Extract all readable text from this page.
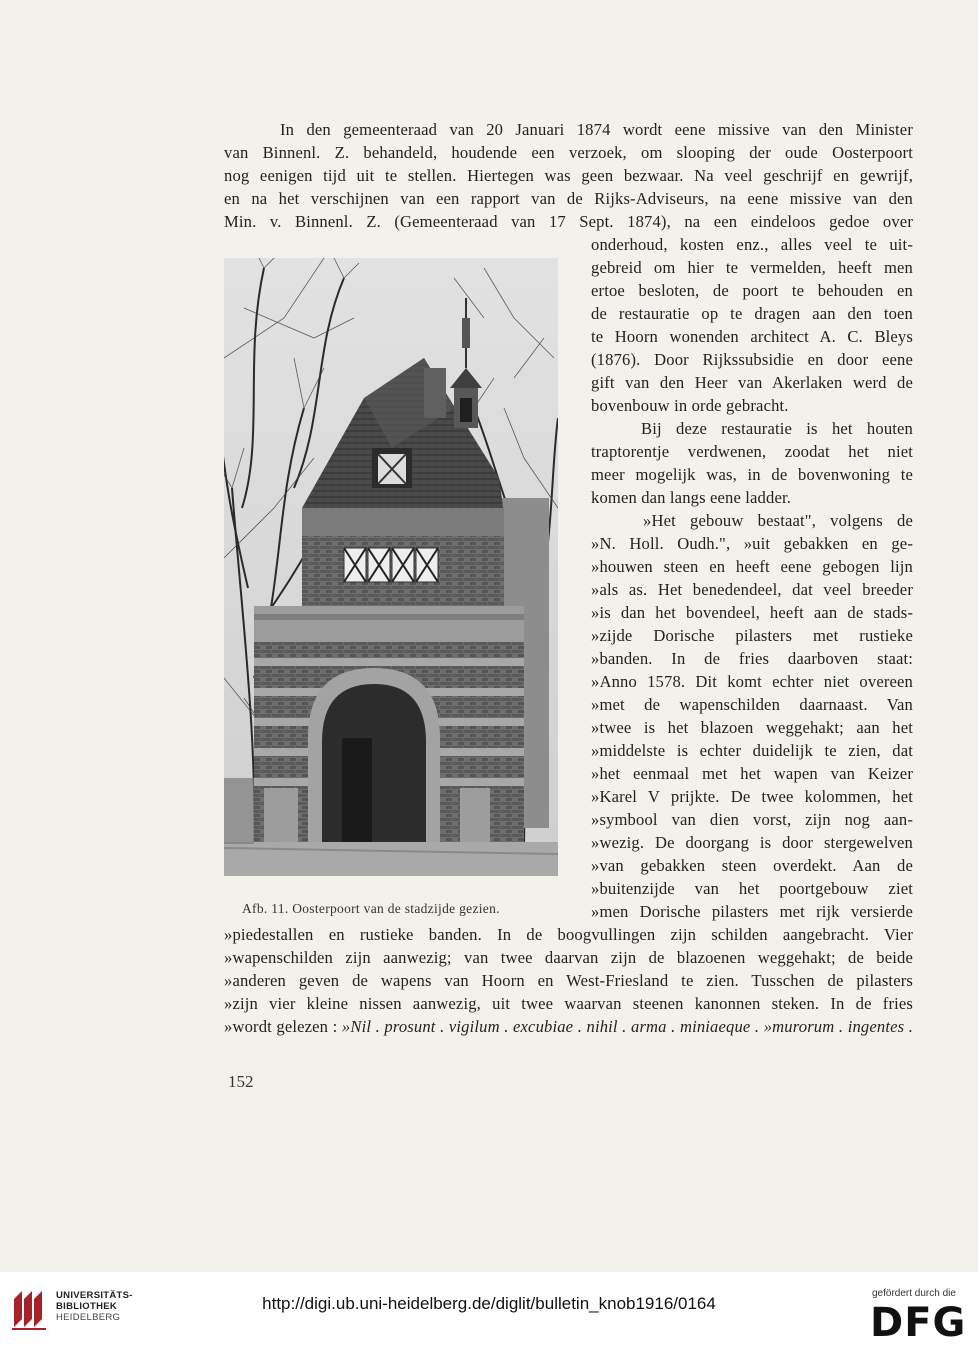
In den gemeenteraad van 20 Januari 1874 wordt eene missive van den Minister
van Binnenl. Z. behandeld, houdende een verzoek, om slooping der oude Oosterpoort
nog eenigen tijd uit te stellen. Hiertegen was geen bezwaar. Na veel geschrijf en gewrijf,
en na het verschijnen van een rapport van de Rijks-Adviseurs, na eene missive van den
Min. v. Binnenl. Z. (Gemeenteraad van 17 Sept. 1874), na een eindeloos gedoe over
onderhoud, kosten enz., alles veel te uit-
gebreid om hier te vermelden, heeft men
ertoe besloten, de poort te behouden en
de restauratie op te dragen aan den toen
te Hoorn wonenden architect A. C. Bleys
(1876). Door Rijkssubsidie en door eene
gift van den Heer van Akerlaken werd de
bovenbouw in orde gebracht.
Bij deze restauratie is het houten
traptorentje verdwenen, zoodat het niet
meer mogelijk was, in de bovenwoning te
komen dan langs eene ladder.
»Het gebouw bestaat", volgens de
»N. Holl. Oudh.", »uit gebakken en ge-
»houwen steen en heeft eene gebogen lijn
»als as. Het benedendeel, dat veel breeder
»is dan het bovendeel, heeft aan de stads-
»zijde Dorische pilasters met rustieke
»banden. In de fries daarboven staat:
»Anno 1578. Dit komt echter niet overeen
»met de wapenschilden daarnaast. Van
»twee is het blazoen weggehakt; aan het
»middelste is echter duidelijk te zien, dat
»het eenmaal met het wapen van Keizer
»Karel V prijkte. De twee kolommen, het
»symbool van dien vorst, zijn nog aan-
»wezig. De doorgang is door stergewelven
»van gebakken steen overdekt. Aan de
»buitenzijde van het poortgebouw ziet
»men Dorische pilasters met rijk versierde
Afb. 11. Oosterpoort van de stadzijde gezien.
»piedestallen en rustieke banden. In de boogvullingen zijn schilden aangebracht. Vier
»wapenschilden zijn aanwezig; van twee daarvan zijn de blazoenen weggehakt; de beide
»anderen geven de wapens van Hoorn en West-Friesland te zien. Tusschen de pilasters
»zijn vier kleine nissen aanwezig, uit twee waarvan steenen kanonnen steken. In de fries
»wordt gelezen : »Nil . prosunt . vigilum . excubiae . nihil . arma . miniaeque . »murorum . ingentes .
152
UNIVERSITÄTS-
BIBLIOTHEK
HEIDELBERG
http://digi.ub.uni-heidelberg.de/diglit/bulletin_knob1916/0164
gefördert durch die
DFG
